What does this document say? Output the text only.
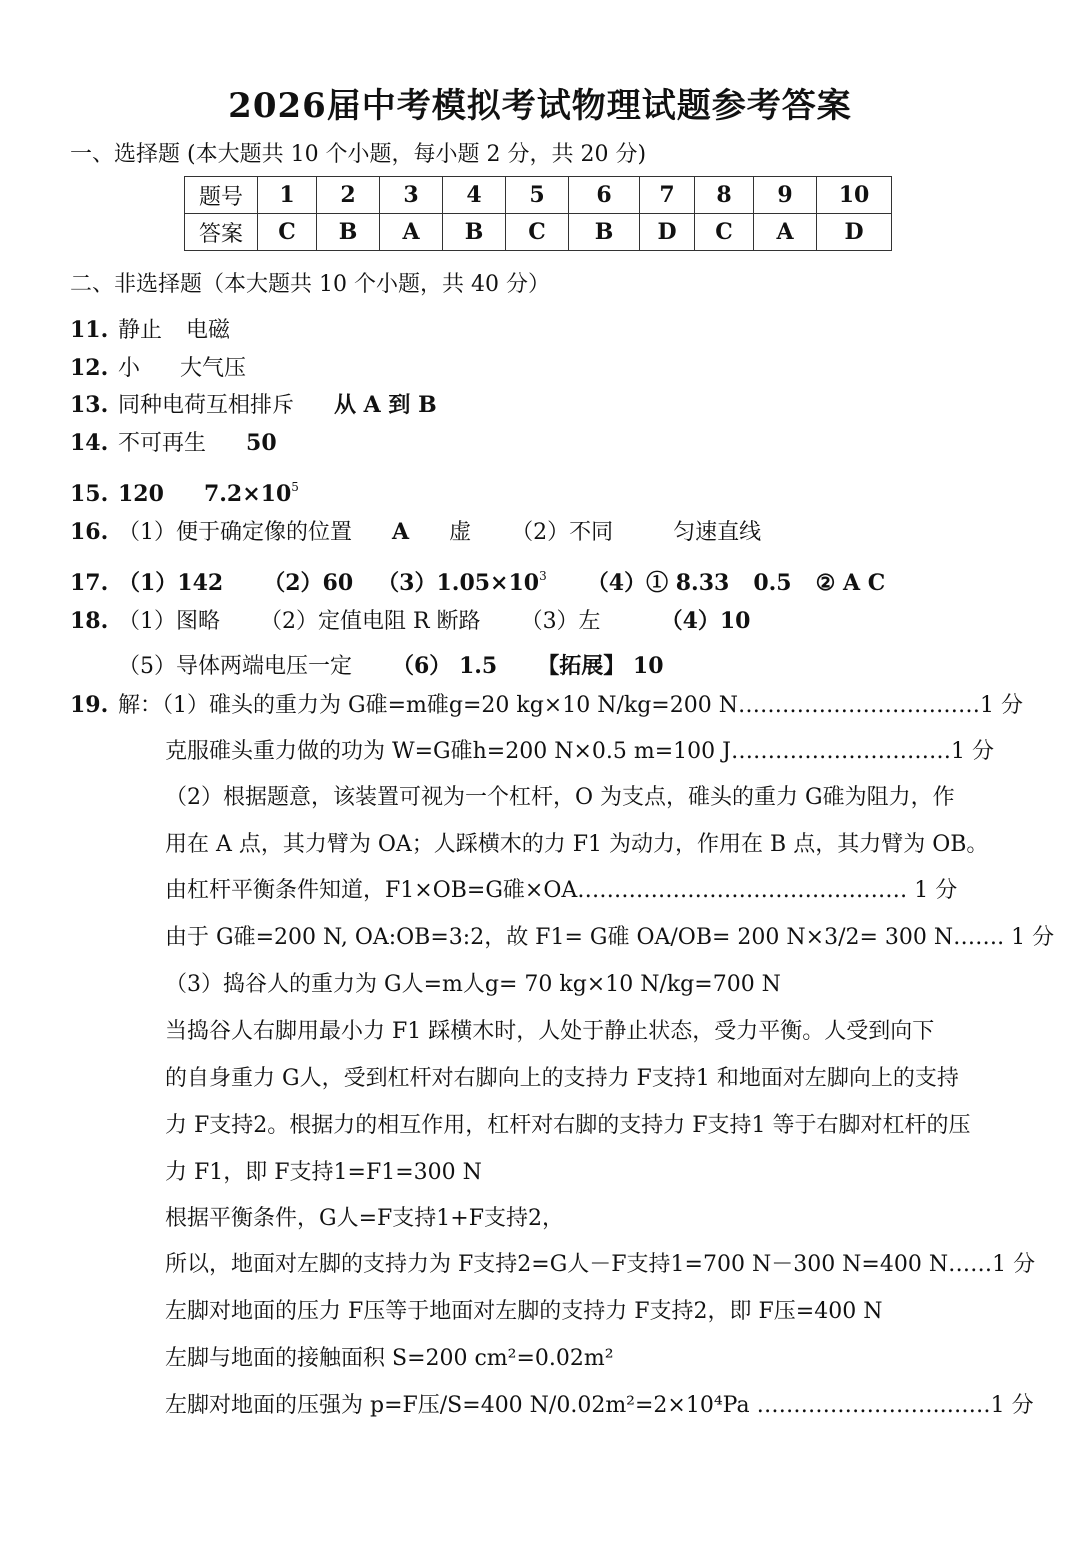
2026届中考模拟考试物理试题参考答案
一、选择题 (本大题共 10 个小题，每小题 2 分，共 20 分)
题号	1	2	3	4	5	6	7	8	9	10
答案	C	B	A	B	C	B	D	C	A	D
二、非选择题（本大题共 10 个小题，共 40 分）
11. 静止 电磁
12. 小 大气压
13. 同种电荷互相排斥 从 A 到 B
14. 不可再生 50
15. 120 $7.2\times 10^5$
16. （1）便于确定像的位置 A 虚 （2）不同	匀速直线
17. （1）142 （2）60 $(3)1.05\times 10^3$ （4）① 8.33 0.5 ② A C
18. （1）图略 （2）定值电阻 R 断路 （3）左	（4）10
（5）导体两端电压一定 （6） 1.5 【拓展】 10
19. 解：（1）碓头的重力为 G碓=m碓g=20 kg×10 N/kg=200 N……………………………1 分
克服碓头重力做的功为 W=G碓h=200 N×0.5 m=100 J…………………………1 分
（2）根据题意，该装置可视为一个杠杆，O 为支点，碓头的重力 G碓为阻力，作
用在 A 点，其力臂为 OA；人踩横木的力 F1 为动力，作用在 B 点，其力臂为 OB。
由杠杆平衡条件知道，F1×OB=G碓×OA……………………………………… 1 分
由于 G碓=200 N, OA:OB=3:2，故 F1= G碓 OA/OB= 200 N×3/2= 300 N……. 1 分
（3）捣谷人的重力为 G人=m人g= 70 kg×10 N/kg=700 N
当捣谷人右脚用最小力 F1 踩横木时，人处于静止状态，受力平衡。人受到向下
的自身重力 G人，受到杠杆对右脚向上的支持力 F支持1 和地面对左脚向上的支持
力 F支持2。根据力的相互作用，杠杆对右脚的支持力 F支持1 等于右脚对杠杆的压
力 F1，即 F支持1=F1=300 N
根据平衡条件，G人=F支持1+F支持2，
所以，地面对左脚的支持力为 F支持2=G人－F支持1=700 N－300 N=400 N……1 分
左脚对地面的压力 F压等于地面对左脚的支持力 F支持2，即 F压=400 N
左脚与地面的接触面积 S=200 cm²=0.02m²
左脚对地面的压强为 p=F压/S=400 N/0.02m²=2×10⁴Pa ……………………..……1 分
